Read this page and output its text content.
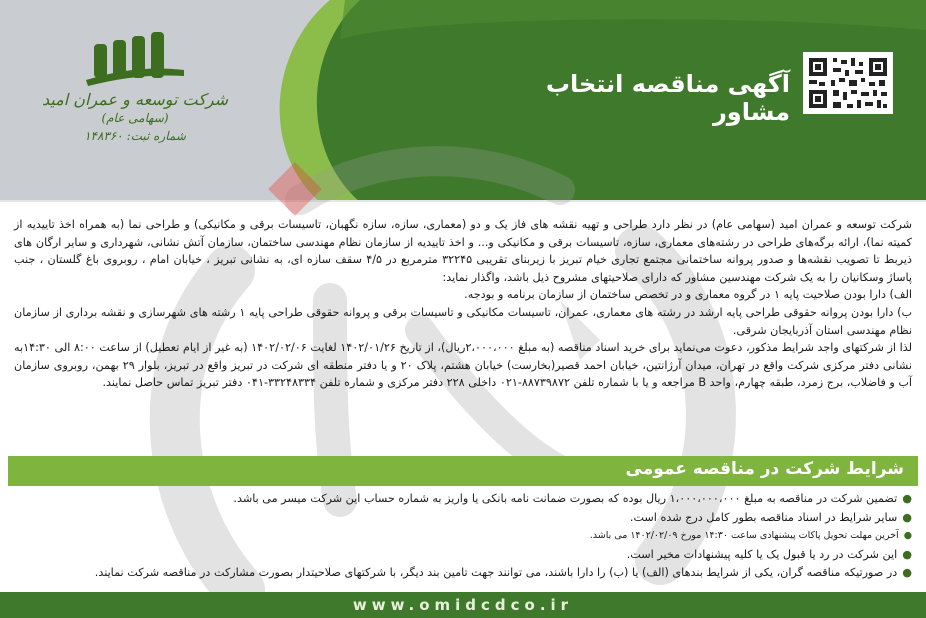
شرکت توسعه و عمران امید
(سهامی عام)
شماره ثبت: ۱۴۸۳۶۰
آگهی مناقصه انتخاب مشاور

شرکت توسعه و عمران امید (سهامی عام) در نظر دارد طراحی و تهیه نقشه های فاز یک و دو (معماری، سازه، سازه نگهبان، تاسیسات برقی و مکانیکی) و طراحی نما (به همراه اخذ تاییدیه از کمیته نما)، ارائه برگه‌های طراحی در رشته‌های معماری، سازه، تاسیسات برقی و مکانیکی و... و اخذ تاییدیه از سازمان نظام مهندسی ساختمان، سازمان آتش نشانی، شهرداری و سایر ارگان های ذیربط تا تصویب نقشه‌ها و صدور پروانه ساختمانی مجتمع تجاری خیام تبریز با زیربنای تقریبی ۳۲۲۴۵ مترمربع در ۴/۵ سقف سازه ای، به نشانی تبریز ، خیابان امام ، روبروی باغ گلستان ، جنب پاساژ وسکانیان را به یک شرکت مهندسین مشاور که دارای صلاحیتهای مشروح ذیل باشد، واگذار نماید:

الف) دارا بودن صلاحیت پایه ۱ در گروه معماری و در تخصص ساختمان از سازمان برنامه و بودجه.

ب) دارا بودن پروانه حقوقی طراحی پایه ارشد در رشته های معماری، عمران، تاسیسات مکانیکی و تاسیسات برقی و پروانه حقوقی طراحی پایه ۱ رشته های شهرسازی و نقشه برداری از سازمان نظام مهندسی استان آذربایجان شرقی.

لذا از شرکتهای واجد شرایط مذکور، دعوت می‌نماید برای خرید اسناد مناقصه (به مبلغ ۲،۰۰۰،۰۰۰ریال)، از تاریخ ۱۴۰۲/۰۱/۲۶ لغایت ۱۴۰۲/۰۲/۰۶ (به غیر از ایام تعطیل) از ساعت ۸:۰۰ الی ۱۴:۳۰به نشانی دفتر مرکزی شرکت واقع در تهران، میدان آرژانتین، خیابان احمد قصیر(بخارست) خیابان هشتم، پلاک ۲۰ و یا دفتر منطقه ای شرکت در تبریز واقع در تبریز، بلوار ۲۹ بهمن، روبروی سازمان آب و فاضلاب، برج زمرد، طبقه چهارم، واحد B مراجعه و یا با شماره تلفن ۸۸۷۳۹۸۷۲-۰۲۱ داخلی ۲۲۸ دفتر مرکزی و شماره تلفن ۳۳۲۴۸۳۳۴-۰۴۱ دفتر تبریز تماس حاصل نمایند.

شرایط شرکت در مناقصه عمومی
●تضمین شرکت در مناقصه به مبلغ ۱،۰۰۰،۰۰۰،۰۰۰ ریال بوده که بصورت ضمانت نامه بانکی یا واریز به شماره حساب این شرکت میسر می باشد.
●سایر شرایط در اسناد مناقصه بطور کامل درج شده است.
●آخرین مهلت تحویل پاکات پیشنهادی ساعت ۱۴:۳۰ مورخ ۱۴۰۲/۰۲/۰۹ می باشد.
●این شرکت در رد یا قبول یک یا کلیه پیشنهادات مخیر است.
●در صورتیکه مناقصه گران، یکی از شرایط بندهای (الف) یا (ب) را دارا باشند، می توانند جهت تامین بند دیگر، با شرکتهای صلاحیتدار بصورت مشارکت در مناقصه شرکت نمایند.
www.omidcdco.ir
